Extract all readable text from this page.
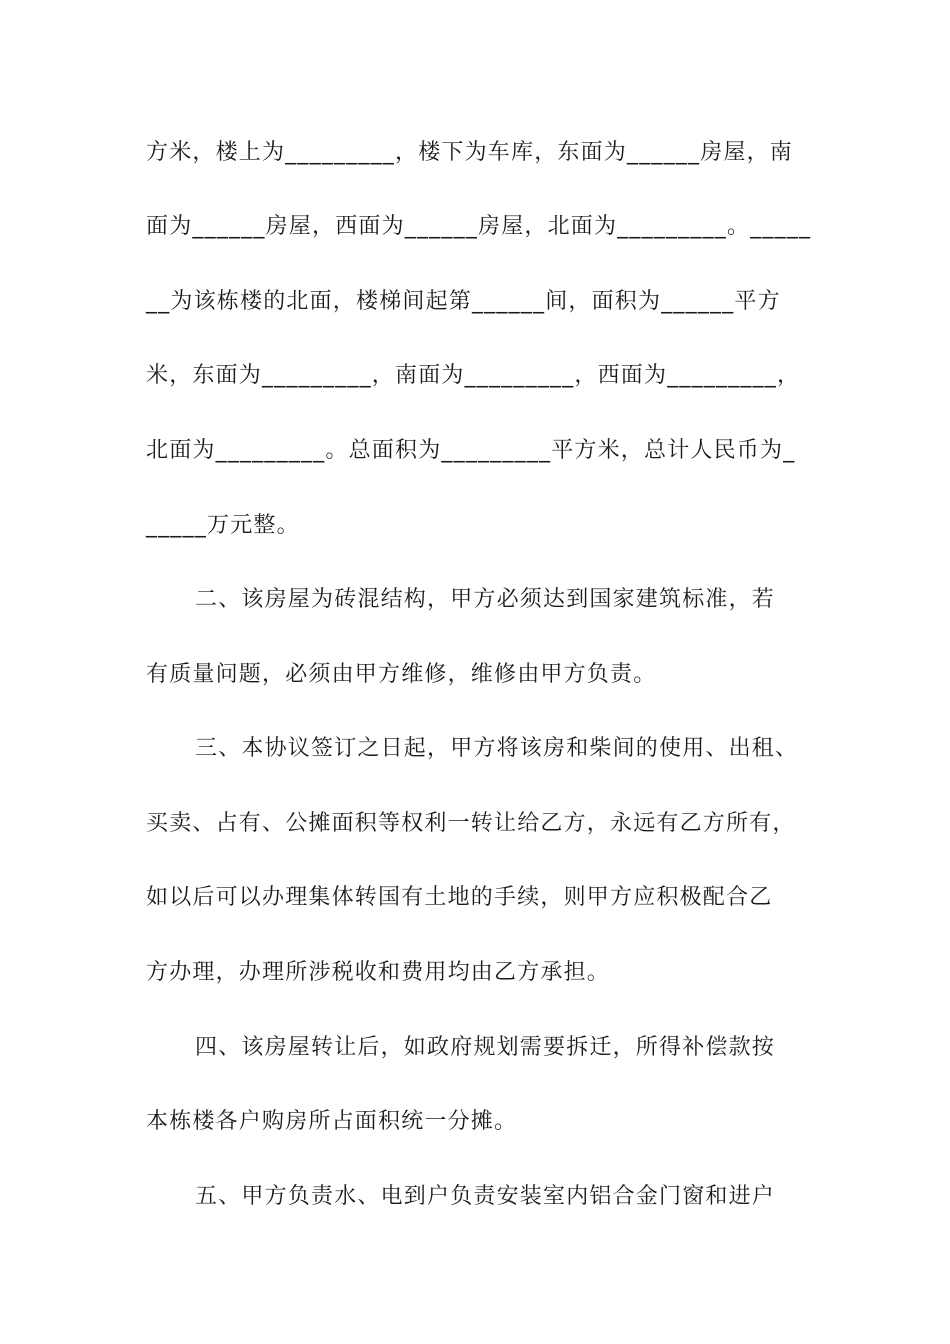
方米，楼上为_________，楼下为车库，东面为______房屋，南
面为______房屋，西面为______房屋，北面为_________。_____
__为该栋楼的北面，楼梯间起第______间，面积为______平方
米，东面为_________，南面为_________，西面为_________，
北面为_________。总面积为_________平方米，总计人民币为_
_____万元整。
二、该房屋为砖混结构，甲方必须达到国家建筑标准，若
有质量问题，必须由甲方维修，维修由甲方负责。
三、本协议签订之日起，甲方将该房和柴间的使用、出租、
买卖、占有、公摊面积等权利一转让给乙方，永远有乙方所有，
如以后可以办理集体转国有土地的手续，则甲方应积极配合乙
方办理，办理所涉税收和费用均由乙方承担。
四、该房屋转让后，如政府规划需要拆迁，所得补偿款按
本栋楼各户购房所占面积统一分摊。
五、甲方负责水、电到户负责安装室内铝合金门窗和进户
